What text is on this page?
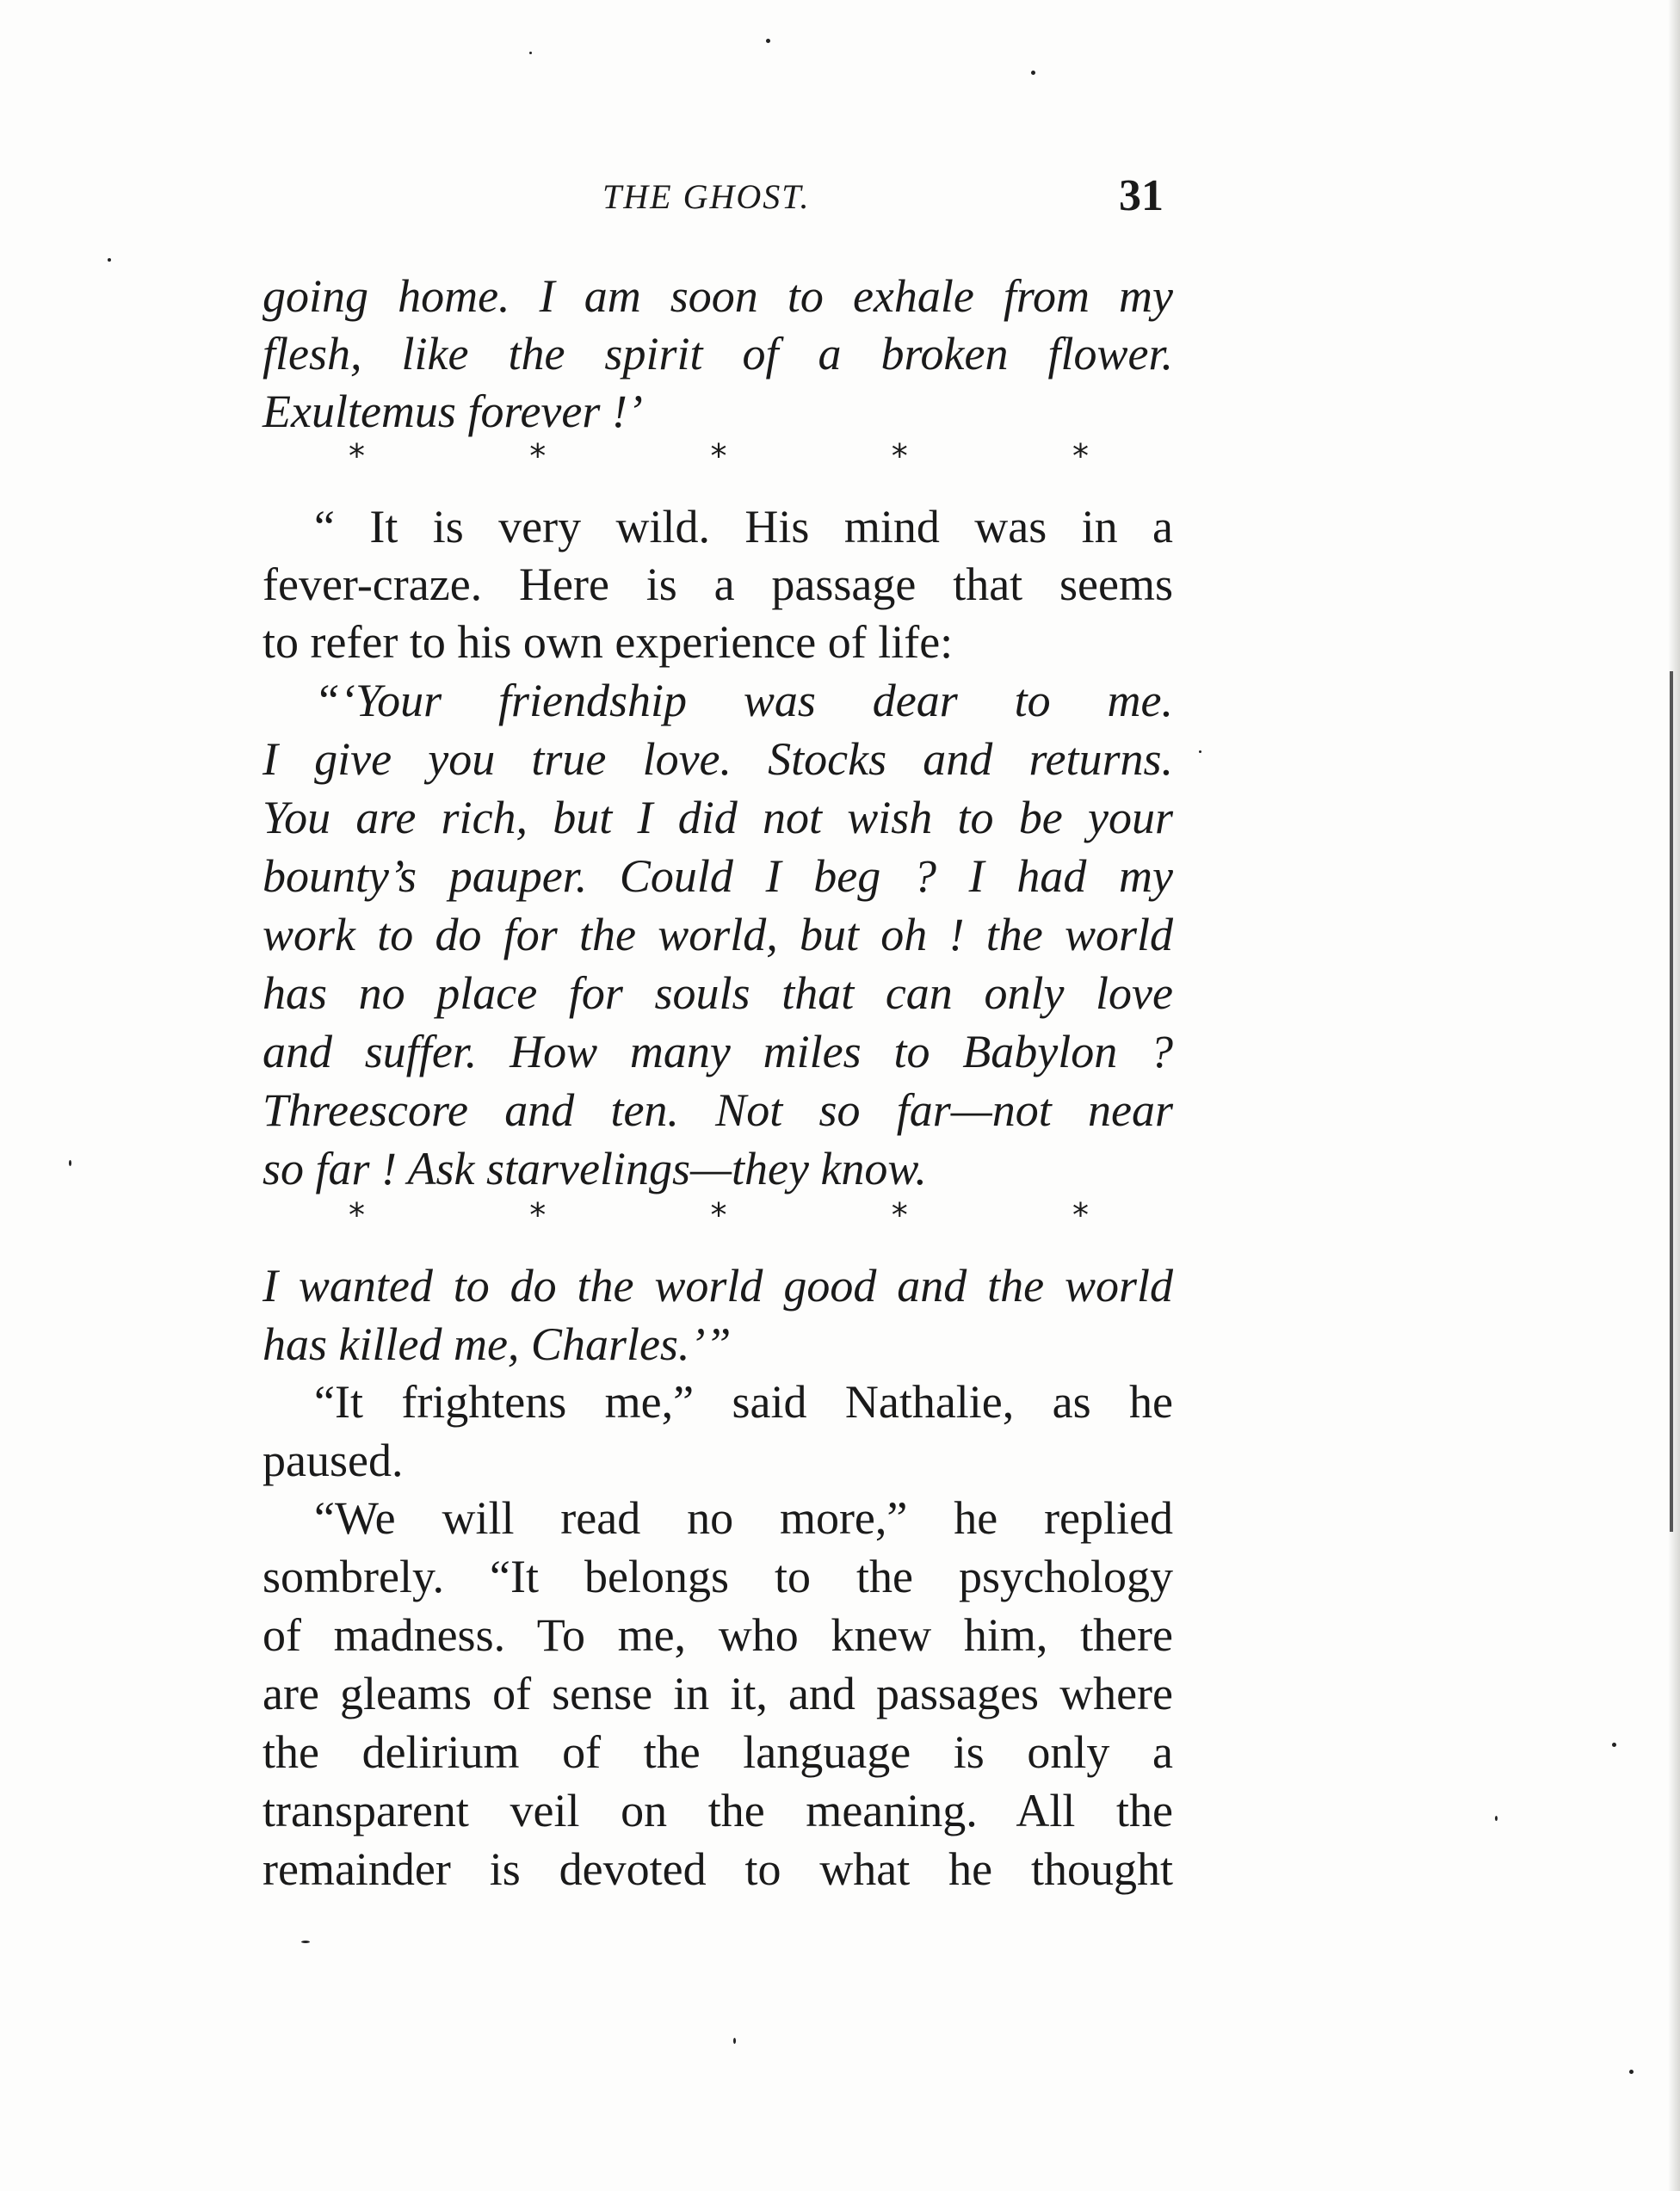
THE GHOST.	31
going home. I am soon to exhale from my
flesh, like the spirit of a broken flower.
Exultemus forever !’
*	*	*	*	*
“ It is very wild. His mind was in a
fever-craze. Here is a passage that seems
to refer to his own experience of life:
“‘Your friendship was dear to me.
I give you true love. Stocks and returns.
You are rich, but I did not wish to be your
bounty’s pauper. Could I beg ? I had my
work to do for the world, but oh ! the world
has no place for souls that can only love
and suffer. How many miles to Babylon ?
Threescore and ten. Not so far—not near
so far ! Ask starvelings—they know.
*	*	*	*	*
I wanted to do the world good and the world
has killed me, Charles.’”
“It frightens me,” said Nathalie, as he
paused.
“We will read no more,” he replied
sombrely. “It belongs to the psychology
of madness. To me, who knew him, there
are gleams of sense in it, and passages where
the delirium of the language is only a
transparent veil on the meaning. All the
remainder is devoted to what he thought
